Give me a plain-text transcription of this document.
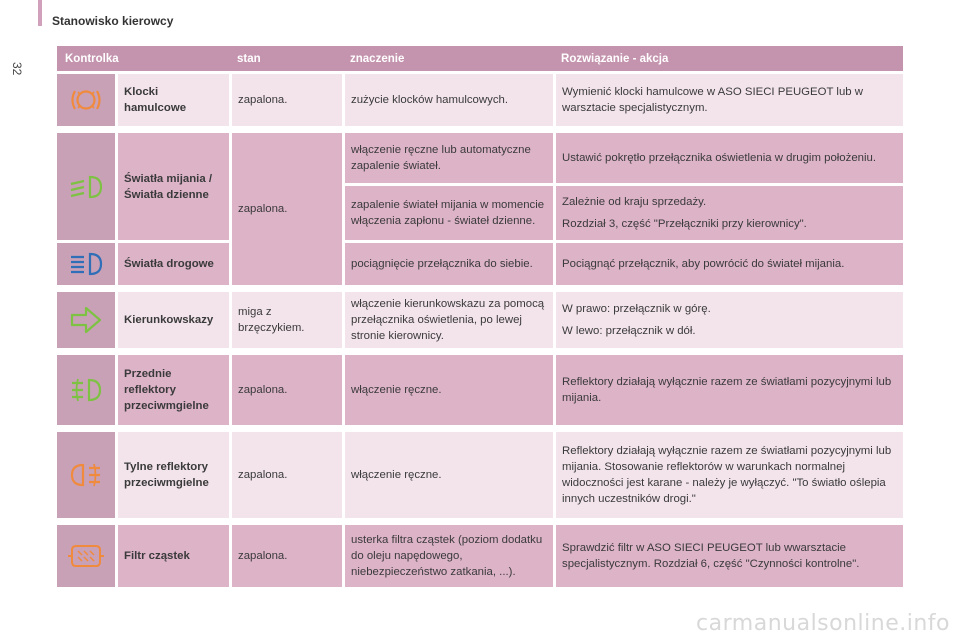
Stanowisko kierowcy
32
Kontrolka		stan	znaczenie	Rozwiązanie - akcja

	Klocki hamulcowe	zapalona.	zużycie klocków hamulcowych.	Wymienić klocki hamulcowe w ASO SIECI PEUGEOT lub w warsztacie specjalistycznym.

	Światła mijania / Światła dzienne	zapalona.	włączenie ręczne lub automatyczne zapalenie świateł.	Ustawić pokrętło przełącznika oświetlenia w drugim położeniu.

			zapalenie świateł mijania w momencie włączenia zapłonu - świateł dzienne.	Zależnie od kraju sprzedaży.

Rozdział 3, część "Przełączniki przy kierownicy".

	Światła drogowe		pociągnięcie przełącznika do siebie.	Pociągnąć przełącznik, aby powrócić do świateł mijania.

	Kierunkowskazy	miga z brzęczykiem.	włączenie kierunkowskazu za pomocą przełącznika oświetlenia, po lewej stronie kierownicy.	W prawo: przełącznik w górę.

W lewo: przełącznik w dół.

	Przednie reflektory przeciwmgielne	zapalona.	włączenie ręczne.	Reflektory działają wyłącznie razem ze światłami pozycyjnymi lub mijania.

	Tylne reflektory przeciwmgielne	zapalona.	włączenie ręczne.	Reflektory działają wyłącznie razem ze światłami pozycyjnymi lub mijania. Stosowanie reflektorów w warunkach normalnej widoczności jest karane - należy je wyłączyć. "To światło oślepia innych uczestników drogi."

	Filtr cząstek	zapalona.	usterka filtra cząstek (poziom dodatku do oleju napędowego, niebezpieczeństwo zatkania, ...).	Sprawdzić filtr w ASO SIECI PEUGEOT lub wwarsztacie specjalistycznym. Rozdział 6, część "Czynności kontrolne".

carmanualsonline.info
